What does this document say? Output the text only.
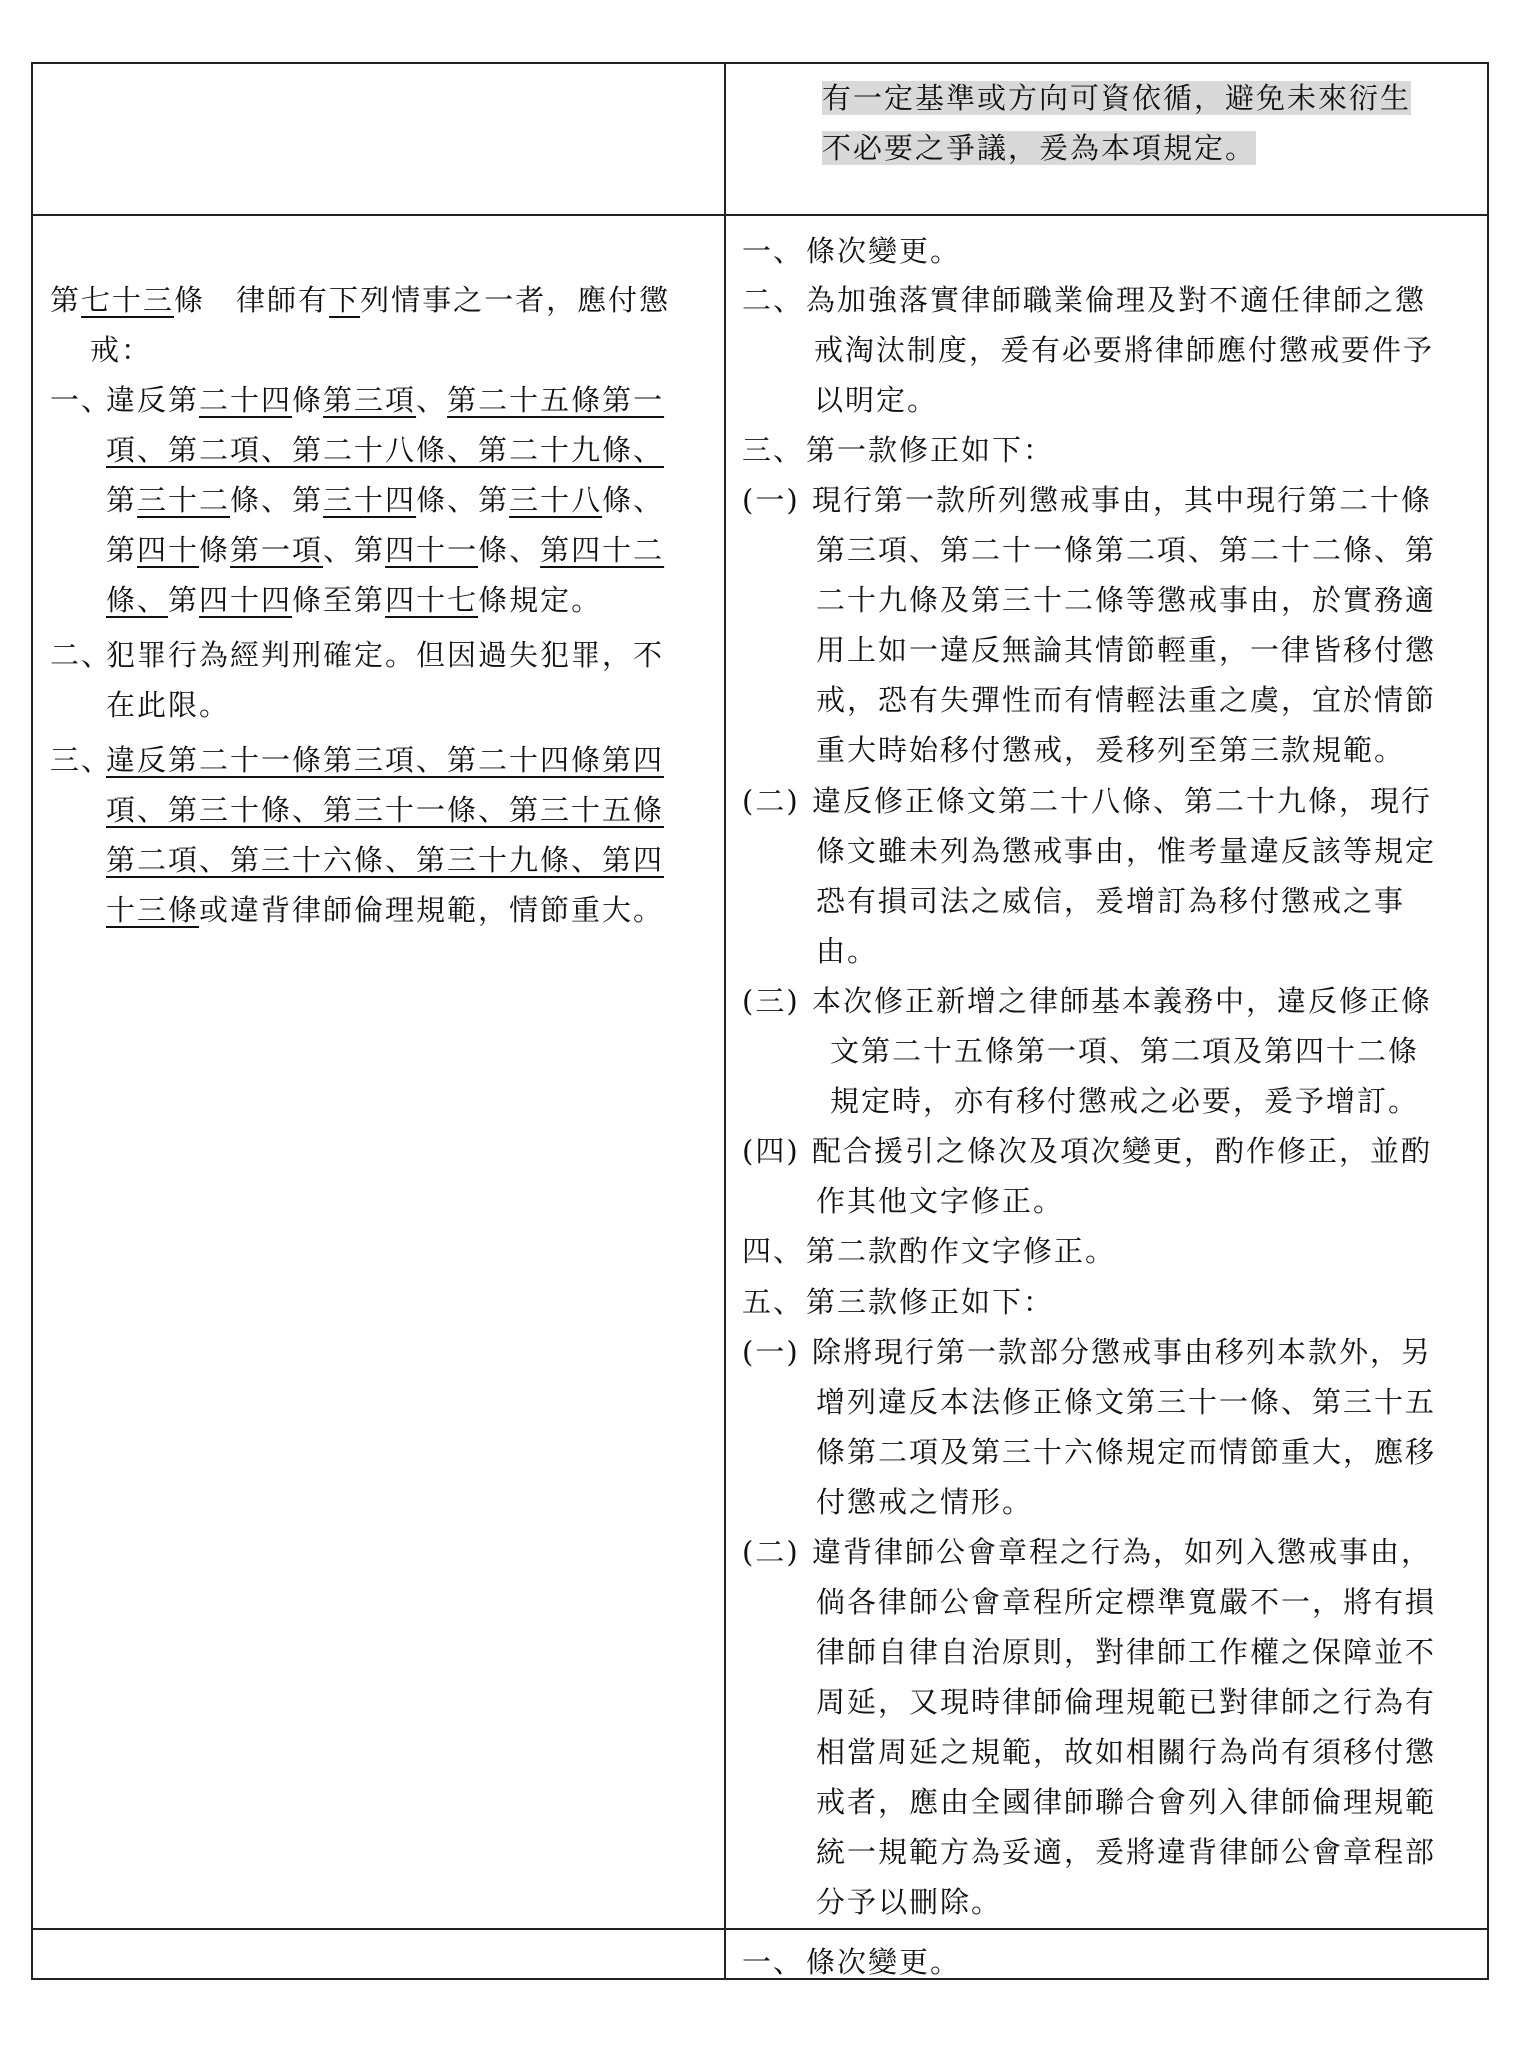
有一定基準或方向可資依循，避免未來衍生
不必要之爭議，爰為本項規定。
第七十三條　律師有下列情事之一者，應付懲
戒：
一、
違反第二十四條第三項、第二十五條第一
項、第二項、第二十八條、第二十九條、
第三十二條、第三十四條、第三十八條、
第四十條第一項、第四十一條、第四十二
條、第四十四條至第四十七條規定。
二、
犯罪行為經判刑確定。但因過失犯罪，不
在此限。
三、
違反第二十一條第三項、第二十四條第四
項、第三十條、第三十一條、第三十五條
第二項、第三十六條、第三十九條、第四
十三條或違背律師倫理規範，情節重大。
一、 條次變更。
二、 為加強落實律師職業倫理及對不適任律師之懲
戒淘汰制度，爰有必要將律師應付懲戒要件予
以明定。
三、 第一款修正如下：
(一) 現行第一款所列懲戒事由，其中現行第二十條
第三項、第二十一條第二項、第二十二條、第
二十九條及第三十二條等懲戒事由，於實務適
用上如一違反無論其情節輕重，一律皆移付懲
戒，恐有失彈性而有情輕法重之虞，宜於情節
重大時始移付懲戒，爰移列至第三款規範。
(二) 違反修正條文第二十八條、第二十九條，現行
條文雖未列為懲戒事由，惟考量違反該等規定
恐有損司法之威信，爰增訂為移付懲戒之事
由。
(三) 本次修正新增之律師基本義務中，違反修正條
文第二十五條第一項、第二項及第四十二條
規定時，亦有移付懲戒之必要，爰予增訂。
(四) 配合援引之條次及項次變更，酌作修正，並酌
作其他文字修正。
四、 第二款酌作文字修正。
五、 第三款修正如下：
(一) 除將現行第一款部分懲戒事由移列本款外，另
增列違反本法修正條文第三十一條、第三十五
條第二項及第三十六條規定而情節重大，應移
付懲戒之情形。
(二) 違背律師公會章程之行為，如列入懲戒事由，
倘各律師公會章程所定標準寬嚴不一，將有損
律師自律自治原則，對律師工作權之保障並不
周延，又現時律師倫理規範已對律師之行為有
相當周延之規範，故如相關行為尚有須移付懲
戒者，應由全國律師聯合會列入律師倫理規範
統一規範方為妥適，爰將違背律師公會章程部
分予以刪除。
一、 條次變更。
